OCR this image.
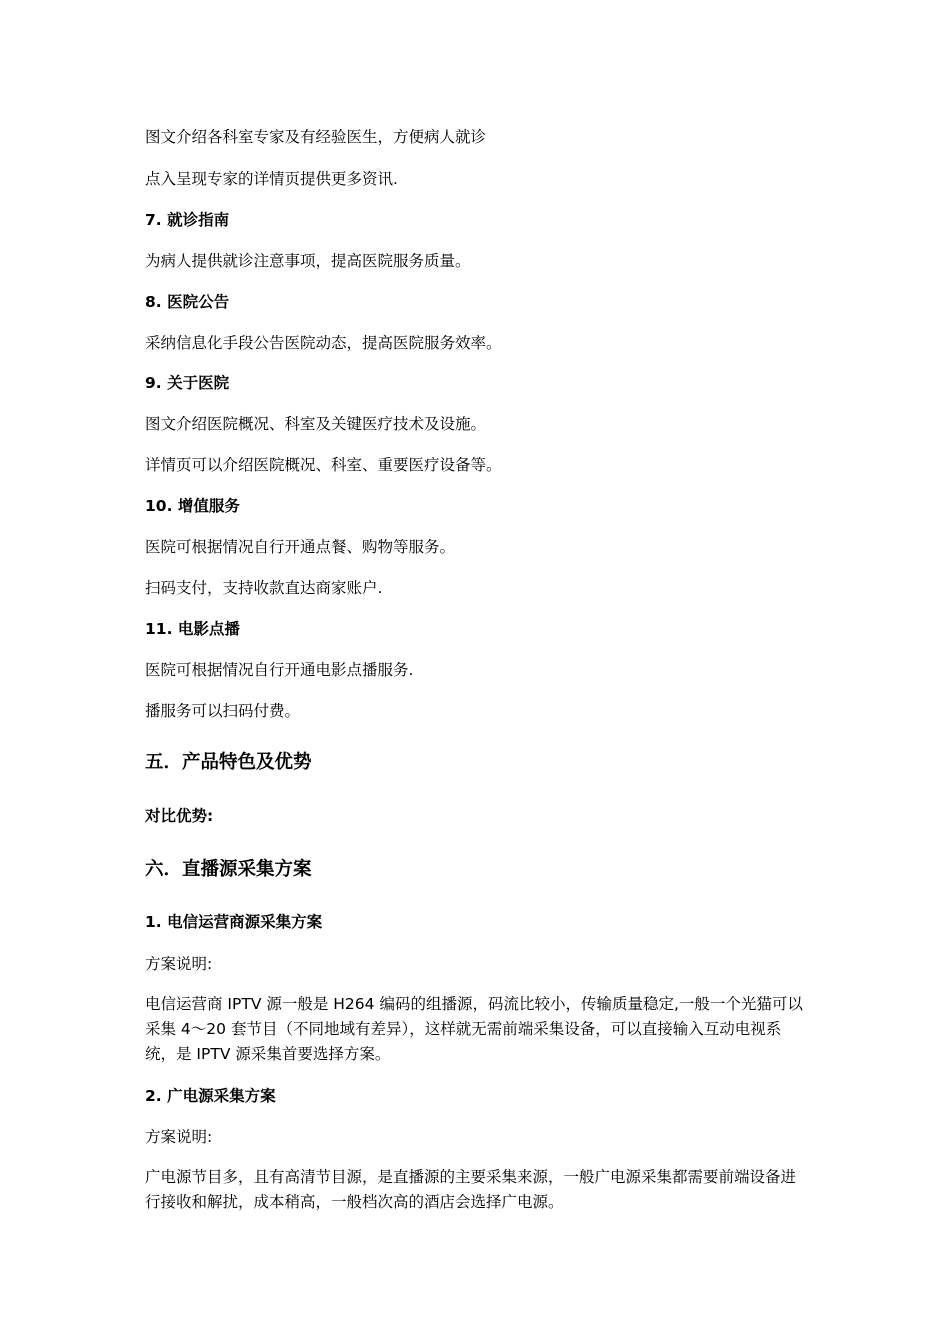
图文介绍各科室专家及有经验医生，方便病人就诊
点入呈现专家的详情页提供更多资讯.
7. 就诊指南
为病人提供就诊注意事项，提高医院服务质量。
8. 医院公告
采纳信息化手段公告医院动态，提高医院服务效率。
9. 关于医院
图文介绍医院概况、科室及关键医疗技术及设施。
详情页可以介绍医院概况、科室、重要医疗设备等。
10. 增值服务
医院可根据情况自行开通点餐、购物等服务。
扫码支付，支持收款直达商家账户.
11. 电影点播
医院可根据情况自行开通电影点播服务.
播服务可以扫码付费。
五．产品特色及优势
对比优势:
六．直播源采集方案
1. 电信运营商源采集方案
方案说明:
电信运营商 IPTV 源一般是 H264 编码的组播源，码流比较小，传输质量稳定,一般一个光猫可以采集 4～20 套节目（不同地域有差异），这样就无需前端采集设备，可以直接输入互动电视系统，是 IPTV 源采集首要选择方案。
2. 广电源采集方案
方案说明:
广电源节目多，且有高清节目源，是直播源的主要采集来源，一般广电源采集都需要前端设备进行接收和解扰，成本稍高，一般档次高的酒店会选择广电源。
